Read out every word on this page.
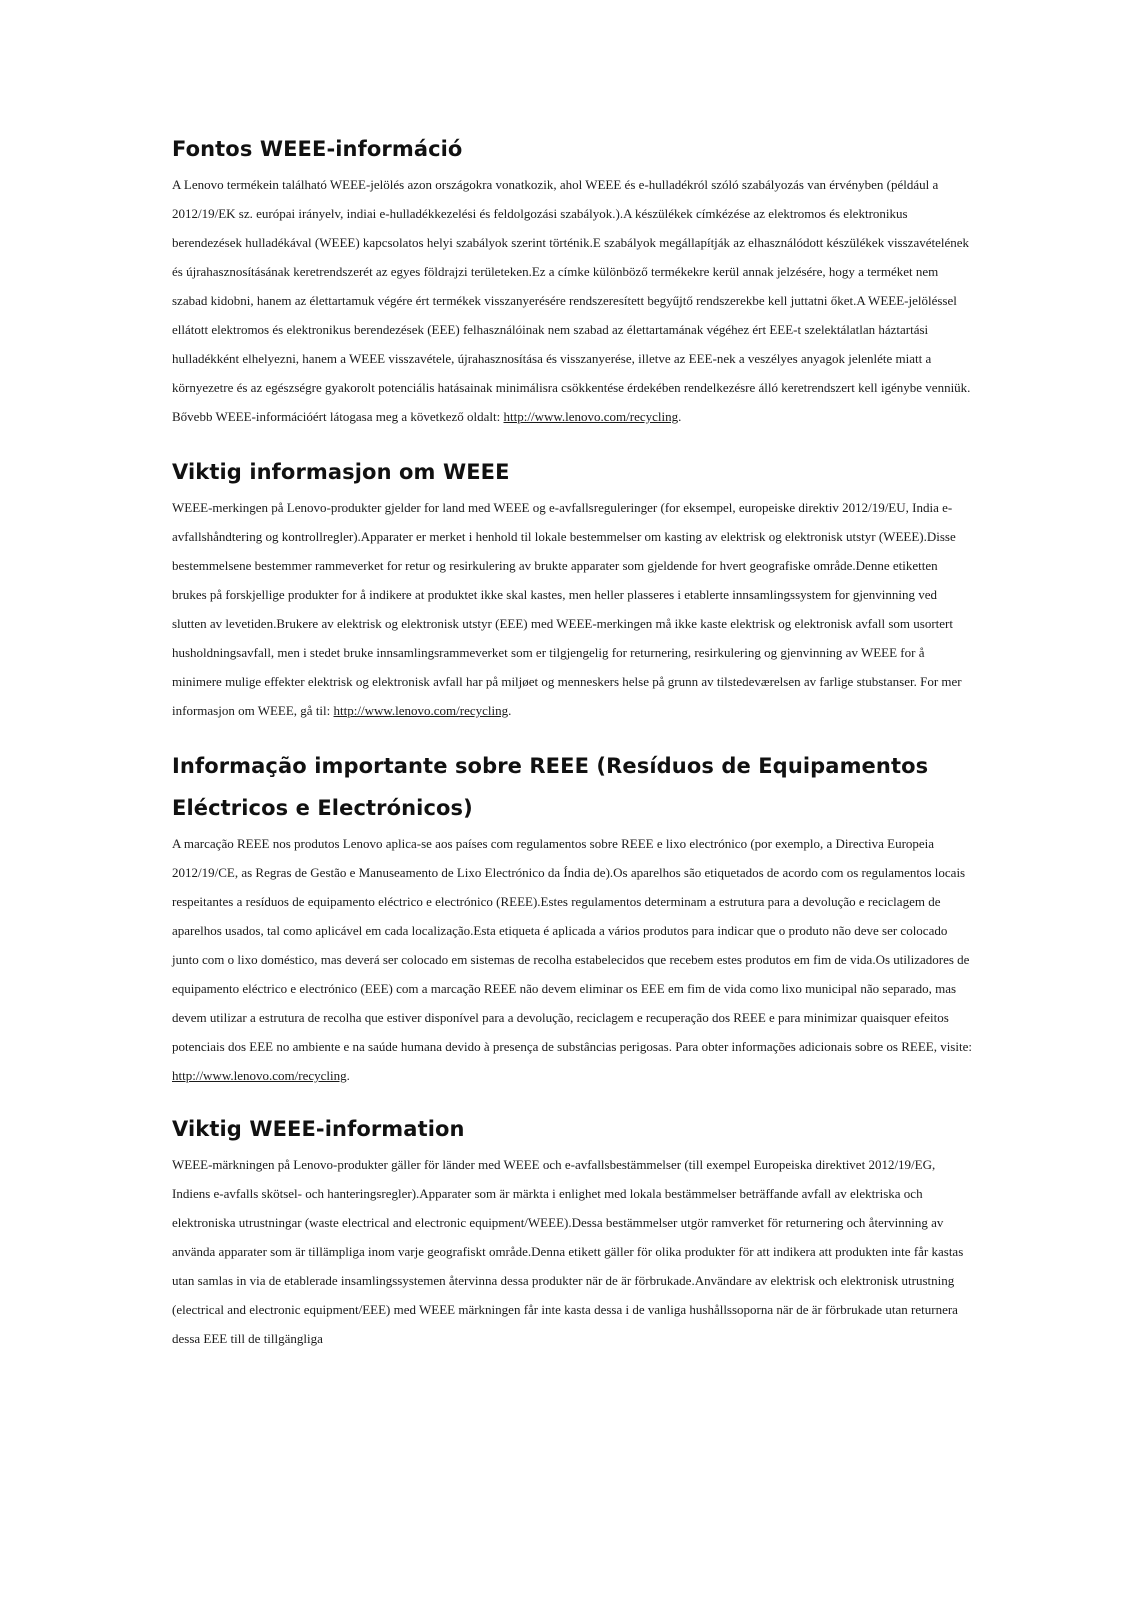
Fontos WEEE-információ

A Lenovo termékein található WEEE-jelölés azon országokra vonatkozik, ahol WEEE és e-hulladékról szóló szabályozás van érvényben (például a 2012/19/EK sz. európai irányelv, indiai e-hulladékkezelési és feldolgozási szabályok.).A készülékek címkézése az elektromos és elektronikus berendezések hulladékával (WEEE) kapcsolatos helyi szabályok szerint történik.E szabályok megállapítják az elhasználódott készülékek visszavételének és újrahasznosításának keretrendszerét az egyes földrajzi területeken.Ez a címke különböző termékekre kerül annak jelzésére, hogy a terméket nem szabad kidobni, hanem az élettartamuk végére ért termékek visszanyerésére rendszeresített begyűjtő rendszerekbe kell juttatni őket.A WEEE-jelöléssel ellátott elektromos és elektronikus berendezések (EEE) felhasználóinak nem szabad az élettartamának végéhez ért EEE-t szelektálatlan háztartási hulladékként elhelyezni, hanem a WEEE visszavétele, újrahasznosítása és visszanyerése, illetve az EEE-nek a veszélyes anyagok jelenléte miatt a környezetre és az egészségre gyakorolt potenciális hatásainak minimálisra csökkentése érdekében rendelkezésre álló keretrendszert kell igénybe venniük. Bővebb WEEE-információért látogasa meg a következő oldalt: http://www.lenovo.com/recycling.

Viktig informasjon om WEEE

WEEE-merkingen på Lenovo-produkter gjelder for land med WEEE og e-avfallsreguleringer (for eksempel, europeiske direktiv 2012/19/EU, India e-avfallshåndtering og kontrollregler).Apparater er merket i henhold til lokale bestemmelser om kasting av elektrisk og elektronisk utstyr (WEEE).Disse bestemmelsene bestemmer rammeverket for retur og resirkulering av brukte apparater som gjeldende for hvert geografiske område.Denne etiketten brukes på forskjellige produkter for å indikere at produktet ikke skal kastes, men heller plasseres i etablerte innsamlingssystem for gjenvinning ved slutten av levetiden.Brukere av elektrisk og elektronisk utstyr (EEE) med WEEE-merkingen må ikke kaste elektrisk og elektronisk avfall som usortert husholdningsavfall, men i stedet bruke innsamlingsrammeverket som er tilgjengelig for returnering, resirkulering og gjenvinning av WEEE for å minimere mulige effekter elektrisk og elektronisk avfall har på miljøet og menneskers helse på grunn av tilstedeværelsen av farlige stubstanser. For mer informasjon om WEEE, gå til: http://www.lenovo.com/recycling.

Informação importante sobre REEE (Resíduos de Equipamentos Eléctricos e Electrónicos)

A marcação REEE nos produtos Lenovo aplica-se aos países com regulamentos sobre REEE e lixo electrónico (por exemplo, a Directiva Europeia 2012/19/CE, as Regras de Gestão e Manuseamento de Lixo Electrónico da Índia de).Os aparelhos são etiquetados de acordo com os regulamentos locais respeitantes a resíduos de equipamento eléctrico e electrónico (REEE).Estes regulamentos determinam a estrutura para a devolução e reciclagem de aparelhos usados, tal como aplicável em cada localização.Esta etiqueta é aplicada a vários produtos para indicar que o produto não deve ser colocado junto com o lixo doméstico, mas deverá ser colocado em sistemas de recolha estabelecidos que recebem estes produtos em fim de vida.Os utilizadores de equipamento eléctrico e electrónico (EEE) com a marcação REEE não devem eliminar os EEE em fim de vida como lixo municipal não separado, mas devem utilizar a estrutura de recolha que estiver disponível para a devolução, reciclagem e recuperação dos REEE e para minimizar quaisquer efeitos potenciais dos EEE no ambiente e na saúde humana devido à presença de substâncias perigosas. Para obter informações adicionais sobre os REEE, visite: http://www.lenovo.com/recycling.

Viktig WEEE-information

WEEE-märkningen på Lenovo-produkter gäller för länder med WEEE och e-avfallsbestämmelser (till exempel Europeiska direktivet 2012/19/EG, Indiens e-avfalls skötsel- och hanteringsregler).Apparater som är märkta i enlighet med lokala bestämmelser beträffande avfall av elektriska och elektroniska utrustningar (waste electrical and electronic equipment/WEEE).Dessa bestämmelser utgör ramverket för returnering och återvinning av använda apparater som är tillämpliga inom varje geografiskt område.Denna etikett gäller för olika produkter för att indikera att produkten inte får kastas utan samlas in via de etablerade insamlingssystemen återvinna dessa produkter när de är förbrukade.Användare av elektrisk och elektronisk utrustning (electrical and electronic equipment/EEE) med WEEE märkningen får inte kasta dessa i de vanliga hushållssoporna när de är förbrukade utan returnera dessa EEE till de tillgängliga
